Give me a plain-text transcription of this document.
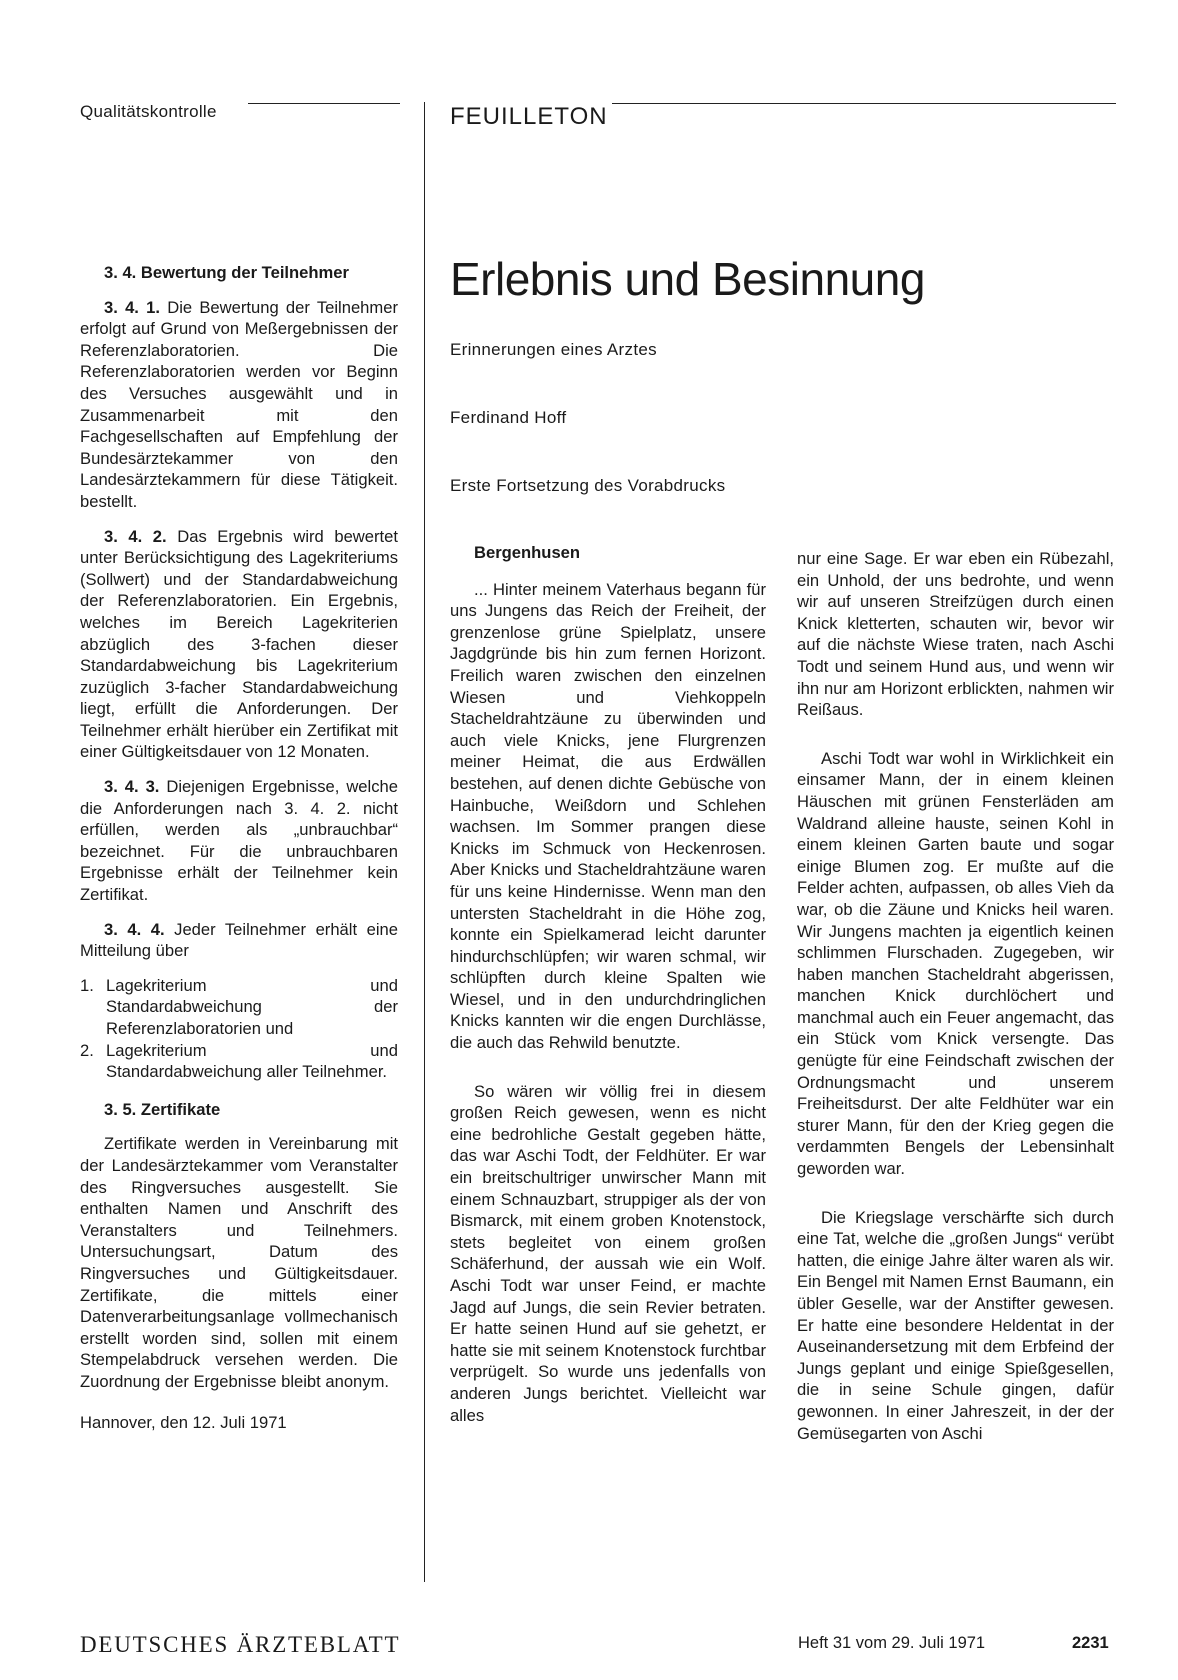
Qualitätskontrolle	FEUILLETON

3. 4. Bewertung der Teilnehmer

3. 4. 1. Die Bewertung der Teilnehmer erfolgt auf Grund von Meßergebnissen der Referenzlaboratorien. Die Referenzlaboratorien werden vor Beginn des Versuches ausgewählt und in Zusammenarbeit mit den Fachgesellschaften auf Empfehlung der Bundesärztekammer von den Landesärztekammern für diese Tätigkeit. bestellt.

3. 4. 2. Das Ergebnis wird bewertet unter Berücksichtigung des Lagekriteriums (Sollwert) und der Standardabweichung der Referenzlaboratorien. Ein Ergebnis, welches im Bereich Lagekriterien abzüglich des 3-fachen dieser Standardabweichung bis Lagekriterium zuzüglich 3-facher Standardabweichung liegt, erfüllt die Anforderungen. Der Teilnehmer erhält hierüber ein Zertifikat mit einer Gültigkeitsdauer von 12 Monaten.

3. 4. 3. Diejenigen Ergebnisse, welche die Anforderungen nach 3. 4. 2. nicht erfüllen, werden als „unbrauchbar“ bezeichnet. Für die unbrauchbaren Ergebnisse erhält der Teilnehmer kein Zertifikat.

3. 4. 4. Jeder Teilnehmer erhält eine Mitteilung über

1. Lagekriterium und Standardabweichung der Referenzlaboratorien und
2. Lagekriterium und Standardabweichung aller Teilnehmer.

3. 5. Zertifikate

Zertifikate werden in Vereinbarung mit der Landesärztekammer vom Veranstalter des Ringversuches ausgestellt. Sie enthalten Namen und Anschrift des Veranstalters und Teilnehmers. Untersuchungsart, Datum des Ringversuches und Gültigkeitsdauer. Zertifikate, die mittels einer Datenverarbeitungsanlage vollmechanisch erstellt worden sind, sollen mit einem Stempelabdruck versehen werden. Die Zuordnung der Ergebnisse bleibt anonym.

Hannover, den 12. Juli 1971

Erlebnis und Besinnung
Erinnerungen eines Arztes
Ferdinand Hoff
Erste Fortsetzung des Vorabdrucks

Bergenhusen

... Hinter meinem Vaterhaus begann für uns Jungens das Reich der Freiheit, der grenzenlose grüne Spielplatz, unsere Jagdgründe bis hin zum fernen Horizont. Freilich waren zwischen den einzelnen Wiesen und Viehkoppeln Stacheldrahtzäune zu überwinden und auch viele Knicks, jene Flurgrenzen meiner Heimat, die aus Erdwällen bestehen, auf denen dichte Gebüsche von Hainbuche, Weißdorn und Schlehen wachsen. Im Sommer prangen diese Knicks im Schmuck von Heckenrosen. Aber Knicks und Stacheldrahtzäune waren für uns keine Hindernisse. Wenn man den untersten Stacheldraht in die Höhe zog, konnte ein Spielkamerad leicht darunter hindurchschlüpfen; wir waren schmal, wir schlüpften durch kleine Spalten wie Wiesel, und in den undurchdringlichen Knicks kannten wir die engen Durchlässe, die auch das Rehwild benutzte.

So wären wir völlig frei in diesem großen Reich gewesen, wenn es nicht eine bedrohliche Gestalt gegeben hätte, das war Aschi Todt, der Feldhüter. Er war ein breitschultriger unwirscher Mann mit einem Schnauzbart, struppiger als der von Bismarck, mit einem groben Knotenstock, stets begleitet von einem großen Schäferhund, der aussah wie ein Wolf. Aschi Todt war unser Feind, er machte Jagd auf Jungs, die sein Revier betraten. Er hatte seinen Hund auf sie gehetzt, er hatte sie mit seinem Knotenstock furchtbar verprügelt. So wurde uns jedenfalls von anderen Jungs berichtet. Vielleicht war alles

nur eine Sage. Er war eben ein Rübezahl, ein Unhold, der uns bedrohte, und wenn wir auf unseren Streifzügen durch einen Knick kletterten, schauten wir, bevor wir auf die nächste Wiese traten, nach Aschi Todt und seinem Hund aus, und wenn wir ihn nur am Horizont erblickten, nahmen wir Reißaus.

Aschi Todt war wohl in Wirklichkeit ein einsamer Mann, der in einem kleinen Häuschen mit grünen Fensterläden am Waldrand alleine hauste, seinen Kohl in einem kleinen Garten baute und sogar einige Blumen zog. Er mußte auf die Felder achten, aufpassen, ob alles Vieh da war, ob die Zäune und Knicks heil waren. Wir Jungens machten ja eigentlich keinen schlimmen Flurschaden. Zugegeben, wir haben manchen Stacheldraht abgerissen, manchen Knick durchlöchert und manchmal auch ein Feuer angemacht, das ein Stück vom Knick versengte. Das genügte für eine Feindschaft zwischen der Ordnungsmacht und unserem Freiheitsdurst. Der alte Feldhüter war ein sturer Mann, für den der Krieg gegen die verdammten Bengels der Lebensinhalt geworden war.

Die Kriegslage verschärfte sich durch eine Tat, welche die „großen Jungs“ verübt hatten, die einige Jahre älter waren als wir. Ein Bengel mit Namen Ernst Baumann, ein übler Geselle, war der Anstifter gewesen. Er hatte eine besondere Heldentat in der Auseinandersetzung mit dem Erbfeind der Jungs geplant und einige Spießgesellen, die in seine Schule gingen, dafür gewonnen. In einer Jahreszeit, in der der Gemüsegarten von Aschi

DEUTSCHES ÄRZTEBLATT	Heft 31 vom 29. Juli 1971	2231
